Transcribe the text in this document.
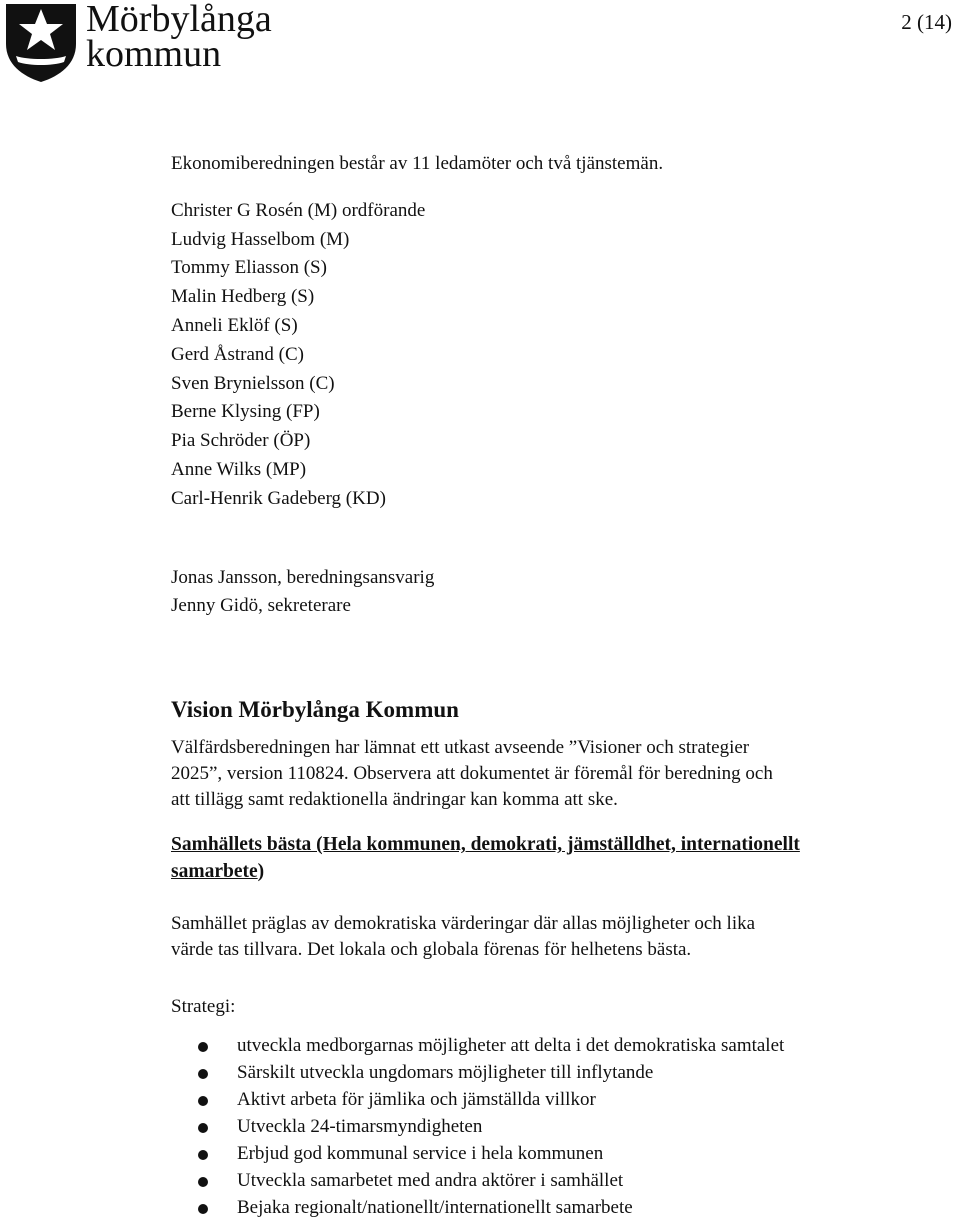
Mörbylånga
kommun
2 (14)
Ekonomiberedningen består av 11 ledamöter och två tjänstemän.
Christer G Rosén (M) ordförande
Ludvig Hasselbom (M)
Tommy Eliasson (S)
Malin Hedberg (S)
Anneli Eklöf (S)
Gerd Åstrand (C)
Sven Brynielsson (C)
Berne Klysing (FP)
Pia Schröder (ÖP)
Anne Wilks (MP)
Carl-Henrik Gadeberg (KD)
Jonas Jansson, beredningsansvarig
Jenny Gidö, sekreterare
Vision Mörbylånga Kommun
Välfärdsberedningen har lämnat ett utkast avseende ”Visioner och strategier
2025”, version 110824. Observera att dokumentet är föremål för beredning och
att tillägg samt redaktionella ändringar kan komma att ske.
Samhällets bästa (Hela kommunen, demokrati, jämställdhet, internationellt
samarbete)
Samhället präglas av demokratiska värderingar där allas möjligheter och lika
värde tas tillvara. Det lokala och globala förenas för helhetens bästa.
Strategi:
utveckla medborgarnas möjligheter att delta i det demokratiska samtalet
Särskilt utveckla ungdomars möjligheter till inflytande
Aktivt arbeta för jämlika och jämställda villkor
Utveckla 24-timarsmyndigheten
Erbjud god kommunal service i hela kommunen
Utveckla samarbetet med andra aktörer i samhället
Bejaka regionalt/nationellt/internationellt samarbete
